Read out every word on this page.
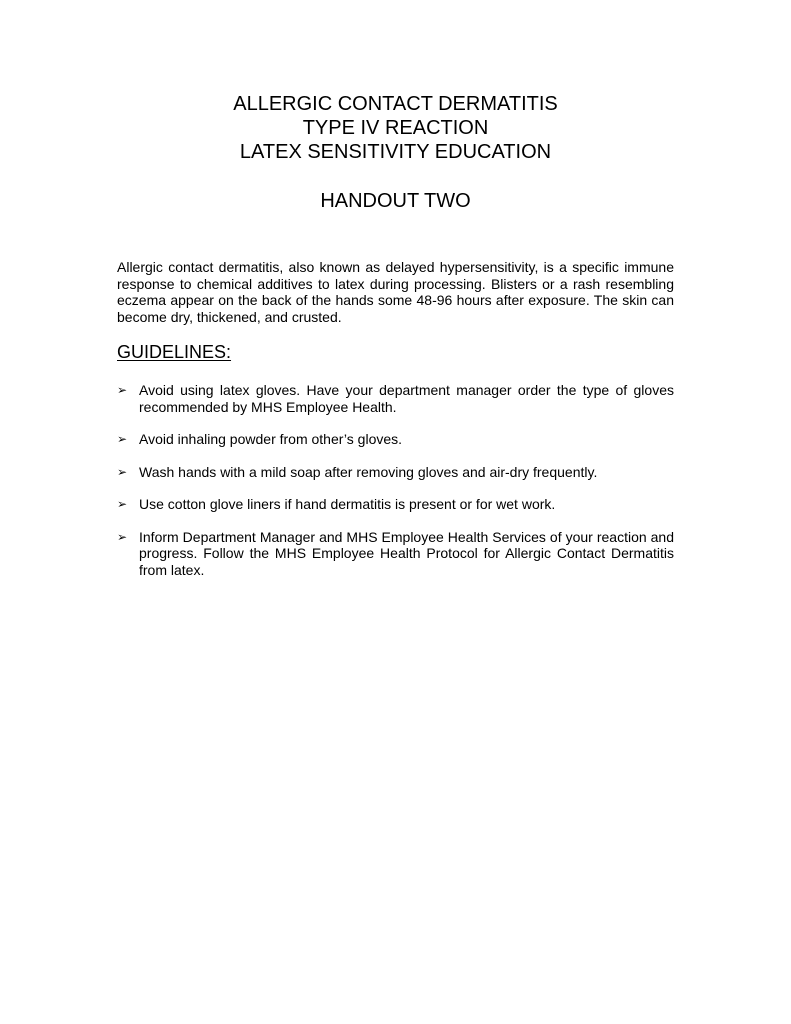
ALLERGIC CONTACT DERMATITIS
TYPE IV REACTION
LATEX SENSITIVITY EDUCATION
HANDOUT TWO

Allergic contact dermatitis, also known as delayed hypersensitivity, is a specific immune response to chemical additives to latex during processing. Blisters or a rash resembling eczema appear on the back of the hands some 48-96 hours after exposure. The skin can become dry, thickened, and crusted.

GUIDELINES:
➢ Avoid using latex gloves. Have your department manager order the type of gloves recommended by MHS Employee Health.
➢ Avoid inhaling powder from other’s gloves.
➢ Wash hands with a mild soap after removing gloves and air-dry frequently.
➢ Use cotton glove liners if hand dermatitis is present or for wet work.
➢ Inform Department Manager and MHS Employee Health Services of your reaction and progress. Follow the MHS Employee Health Protocol for Allergic Contact Dermatitis from latex.
